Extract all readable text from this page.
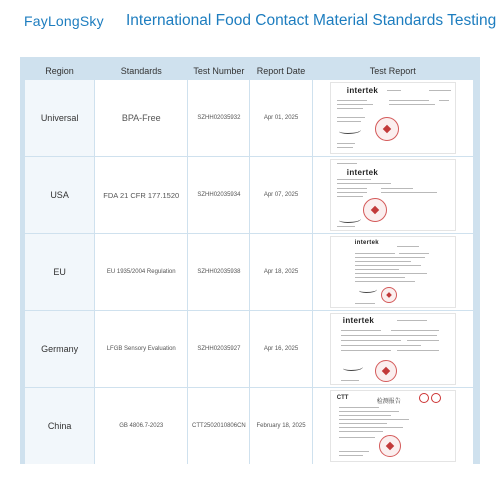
FayLongSky International Food Contact Material Standards Testing
Region	Standards	Test Number	Report Date	Test Report
Universal	BPA-Free	SZHH02035932	Apr 01, 2025	intertek

USA	FDA 21 CFR 177.1520	SZHH02035934	Apr 07, 2025	intertek

EU	EU 1935/2004 Regulation	SZHH02035938	Apr 18, 2025	intertek

Germany	LFGB Sensory Evaluation	SZHH02035927	Apr 16, 2025	intertek

China	GB 4806.7-2023	CTT2502010806CN	February 18, 2025	CTT
检测报告
